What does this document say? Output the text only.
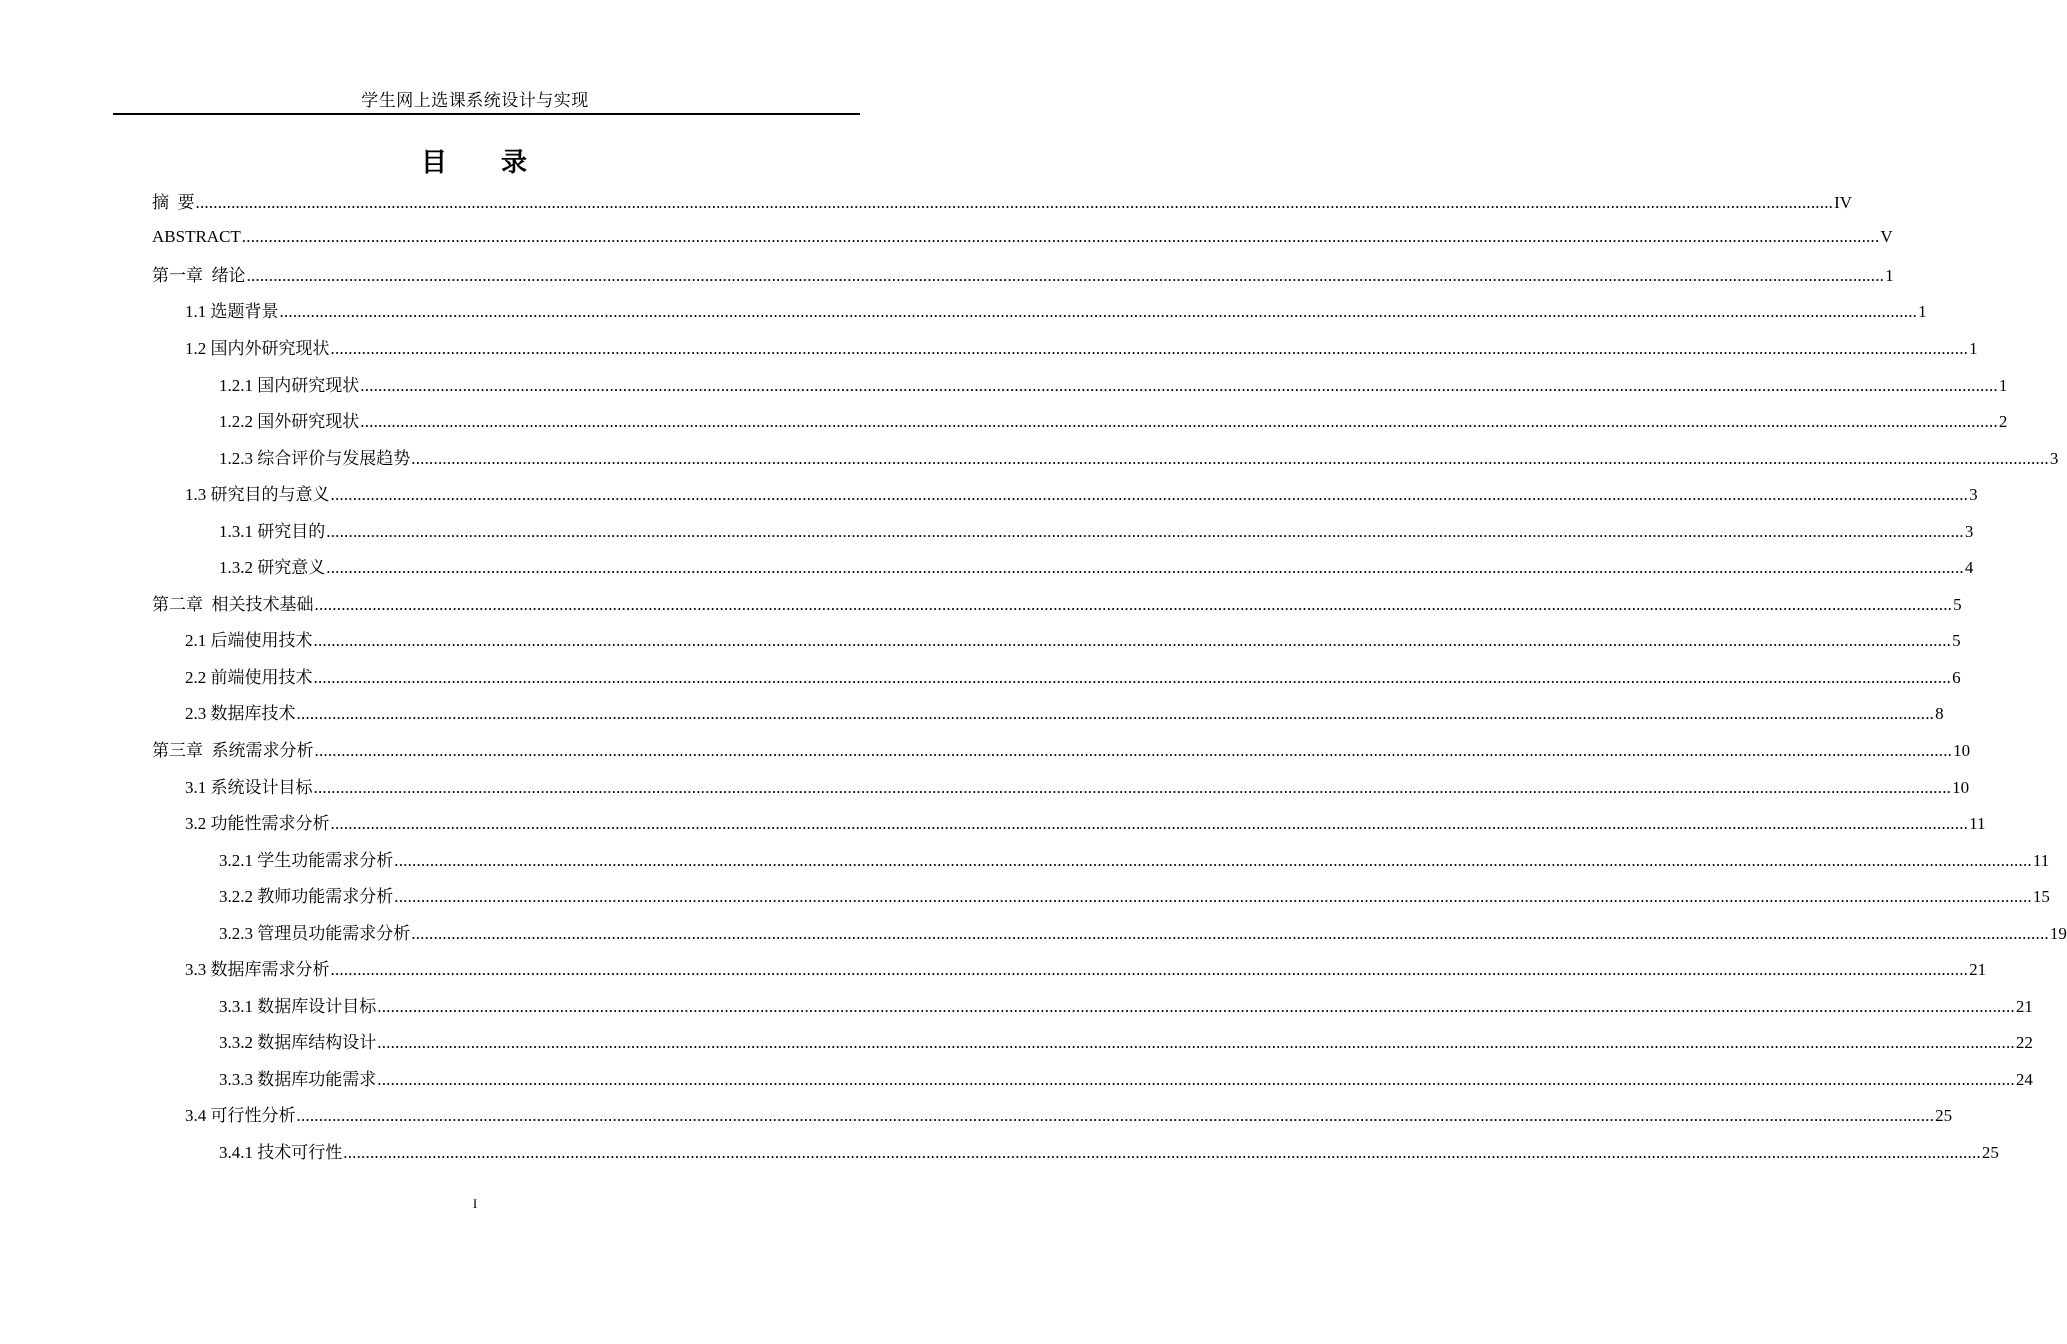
学生网上选课系统设计与实现
目 录
摘  要 .....	IV
ABSTRACT .....	V
第一章  绪论 .....	1
1.1 选题背景 .....	1
1.2 国内外研究现状 .....	1
1.2.1 国内研究现状 .....	1
1.2.2 国外研究现状 .....	2
1.2.3 综合评价与发展趋势 .....	3
1.3 研究目的与意义 .....	3
1.3.1 研究目的 .....	3
1.3.2 研究意义 .....	4
第二章  相关技术基础 .....	5
2.1 后端使用技术 .....	5
2.2 前端使用技术 .....	6
2.3 数据库技术 .....	8
第三章  系统需求分析 .....	10
3.1 系统设计目标 .....	10
3.2 功能性需求分析 .....	11
3.2.1 学生功能需求分析 .....	11
3.2.2 教师功能需求分析 .....	15
3.2.3 管理员功能需求分析 .....	19
3.3 数据库需求分析 .....	21
3.3.1 数据库设计目标 .....	21
3.3.2 数据库结构设计 .....	22
3.3.3 数据库功能需求 .....	24
3.4 可行性分析 .....	25
3.4.1 技术可行性 .....	25
I
